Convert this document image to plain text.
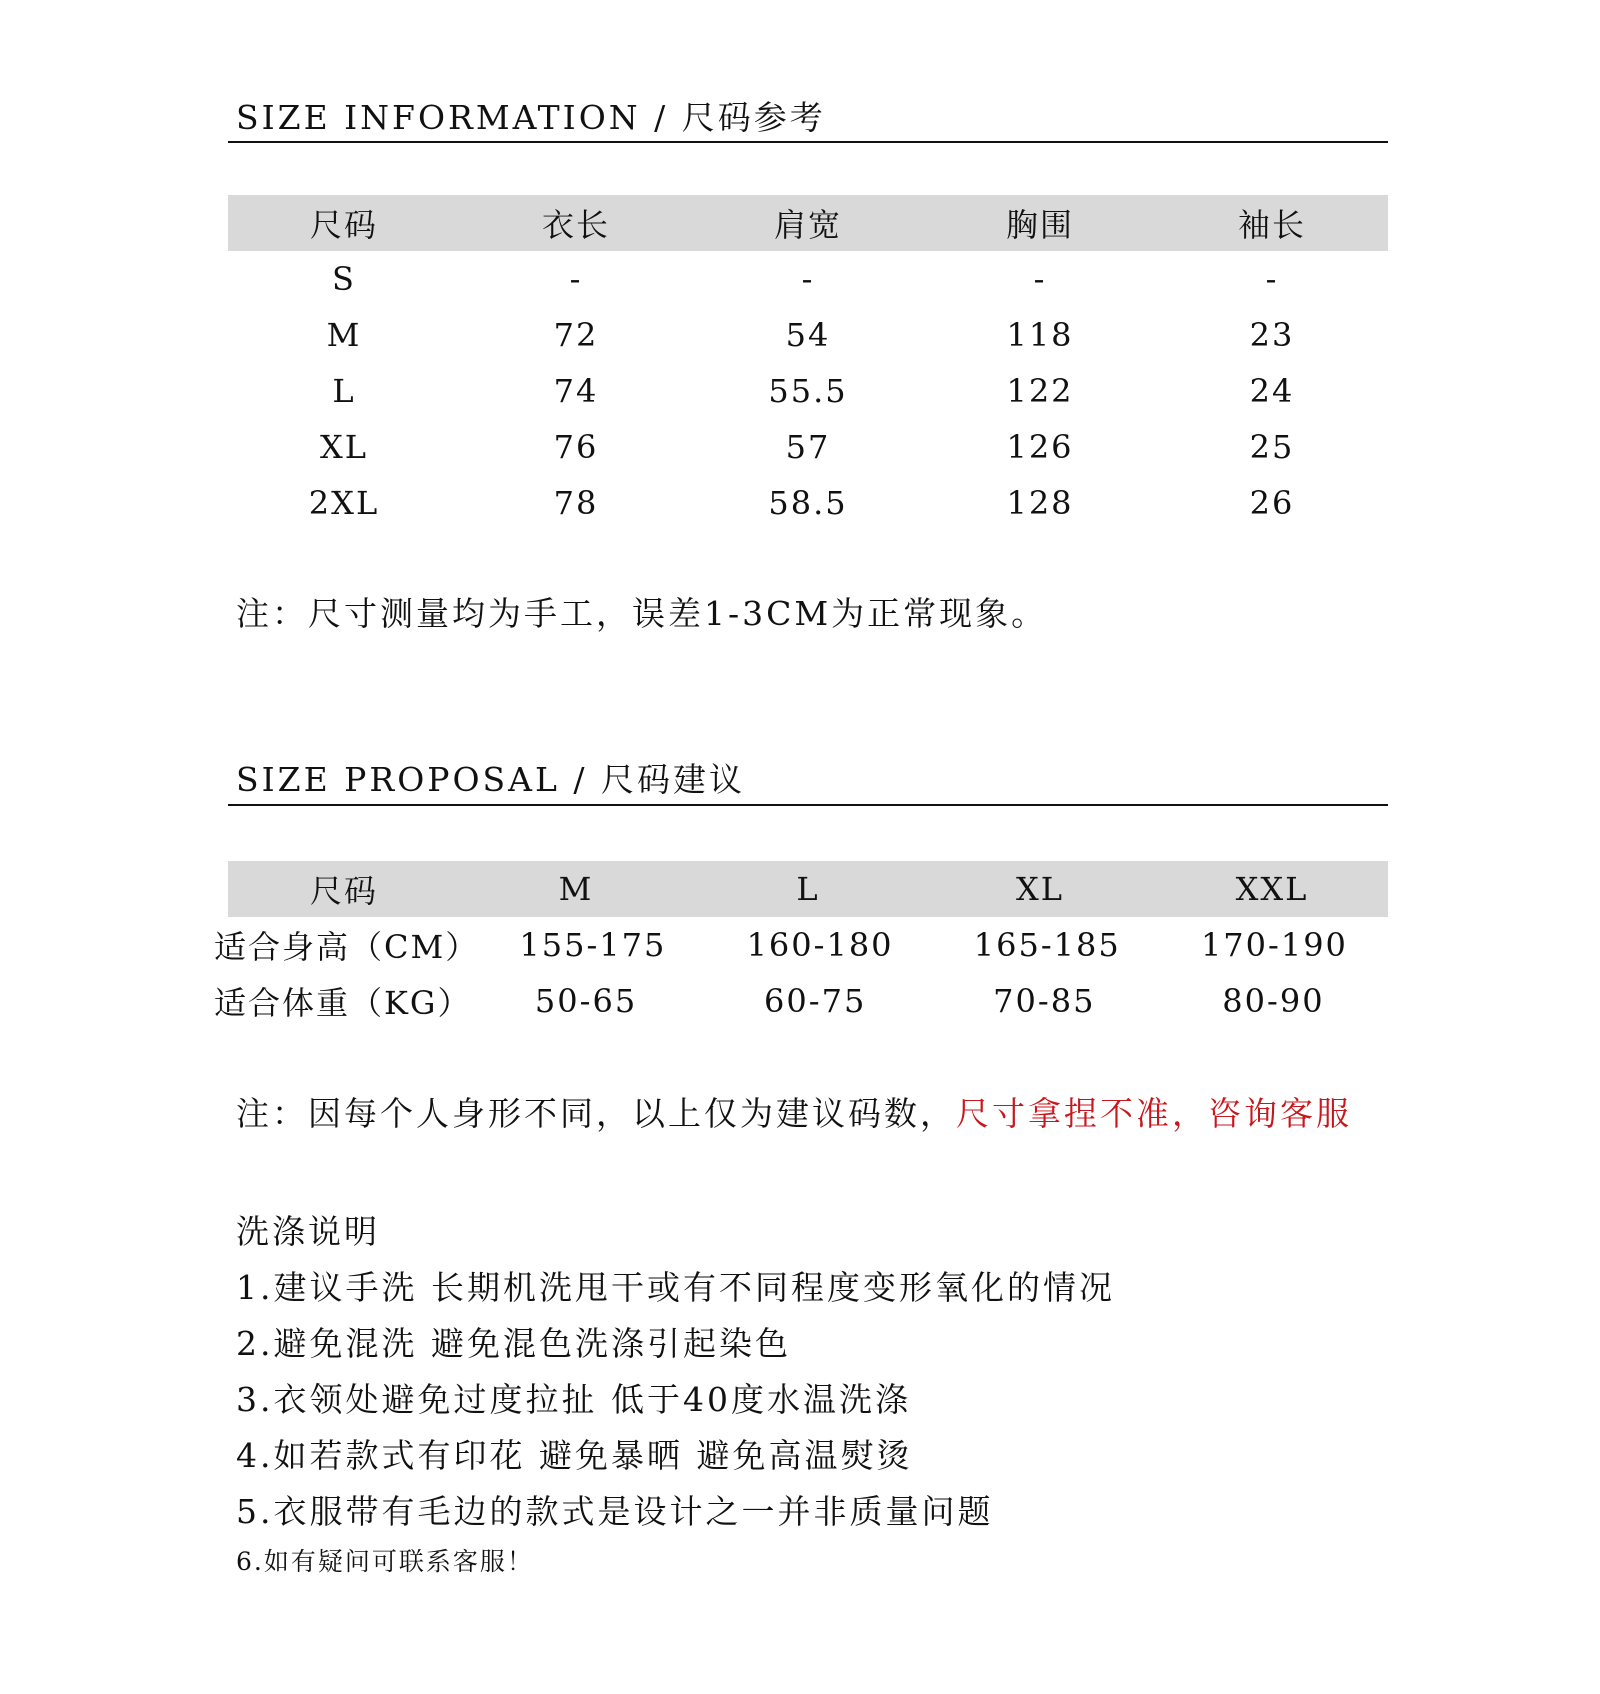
SIZE INFORMATION / 尺码参考
尺码	衣长	肩宽	胸围	袖长
S	-	-	-	-
M	72	54	118	23
L	74	55.5	122	24
XL	76	57	126	25
2XL	78	58.5	128	26
注：尺寸测量均为手工，误差1-3CM为正常现象。
SIZE PROPOSAL / 尺码建议
尺码	M	L	XL	XXL
适合身高（CM）	155-175	160-180	165-185	170-190
适合体重（KG）	50-65	60-75	70-85	80-90
注：因每个人身形不同，以上仅为建议码数，尺寸拿捏不准，咨询客服
洗涤说明
1.建议手洗 长期机洗甩干或有不同程度变形氧化的情况
2.避免混洗 避免混色洗涤引起染色
3.衣领处避免过度拉扯 低于40度水温洗涤
4.如若款式有印花 避免暴晒 避免高温熨烫
5.衣服带有毛边的款式是设计之一并非质量问题
6.如有疑问可联系客服！
